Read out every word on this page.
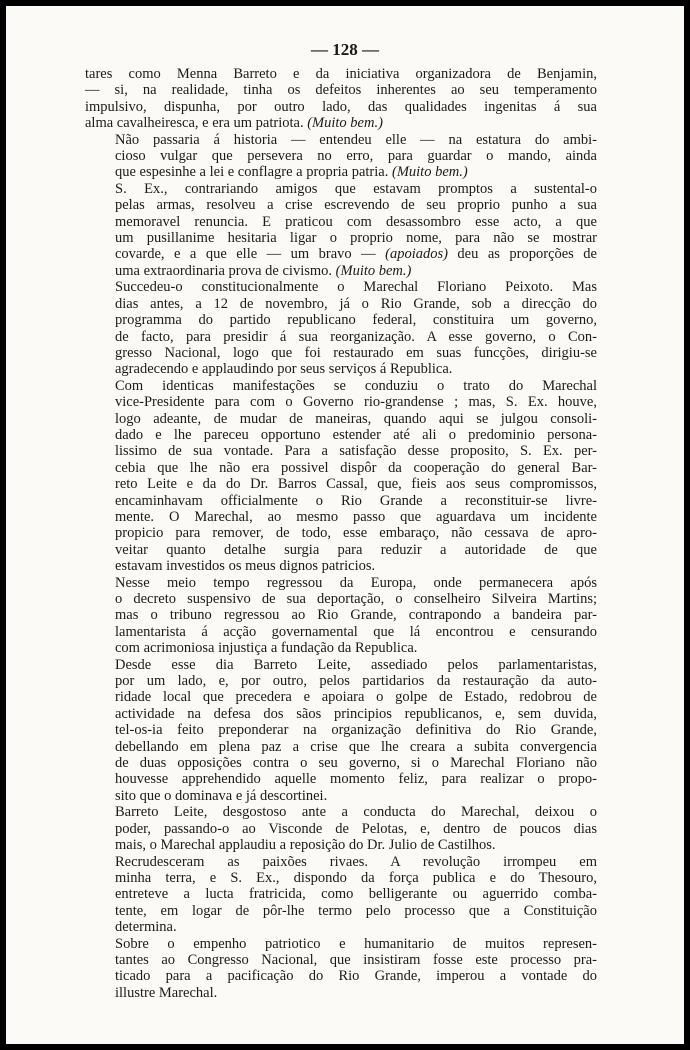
— 128 —
tares como Menna Barreto e da iniciativa organizadora de Benjamin,
— si, na realidade, tinha os defeitos inherentes ao seu temperamento
impulsivo, dispunha, por outro lado, das qualidades ingenitas á sua
alma cavalheiresca, e era um patriota. (Muito bem.)
Não passaria á historia — entendeu elle — na estatura do ambi-
cioso vulgar que persevera no erro, para guardar o mando, ainda
que espesinhe a lei e conflagre a propria patria. (Muito bem.)
S. Ex., contrariando amigos que estavam promptos a sustental-o
pelas armas, resolveu a crise escrevendo de seu proprio punho a sua
memoravel renuncia. E praticou com desassombro esse acto, a que
um pusillanime hesitaria ligar o proprio nome, para não se mostrar
covarde, e a que elle — um bravo — (apoiados) deu as proporções de
uma extraordinaria prova de civismo. (Muito bem.)
Succedeu-o constitucionalmente o Marechal Floriano Peixoto. Mas
dias antes, a 12 de novembro, já o Rio Grande, sob a direcção do
programma do partido republicano federal, constituira um governo,
de facto, para presidir á sua reorganização. A esse governo, o Con-
gresso Nacional, logo que foi restaurado em suas funcções, dirigiu-se
agradecendo e applaudindo por seus serviços á Republica.
Com identicas manifestações se conduziu o trato do Marechal
vice-Presidente para com o Governo rio-grandense ; mas, S. Ex. houve,
logo adeante, de mudar de maneiras, quando aqui se julgou consoli-
dado e lhe pareceu opportuno estender até ali o predominio persona-
lissimo de sua vontade. Para a satisfação desse proposito, S. Ex. per-
cebia que lhe não era possivel dispôr da cooperação do general Bar-
reto Leite e da do Dr. Barros Cassal, que, fieis aos seus compromissos,
encaminhavam officialmente o Rio Grande a reconstituir-se livre-
mente. O Marechal, ao mesmo passo que aguardava um incidente
propicio para remover, de todo, esse embaraço, não cessava de apro-
veitar quanto detalhe surgia para reduzir a autoridade de que
estavam investidos os meus dignos patricios.
Nesse meio tempo regressou da Europa, onde permanecera após
o decreto suspensivo de sua deportação, o conselheiro Silveira Martins;
mas o tribuno regressou ao Rio Grande, contrapondo a bandeira par-
lamentarista á acção governamental que lá encontrou e censurando
com acrimoniosa injustiça a fundação da Republica.
Desde esse dia Barreto Leite, assediado pelos parlamentaristas,
por um lado, e, por outro, pelos partidarios da restauração da auto-
ridade local que precedera e apoiara o golpe de Estado, redobrou de
actividade na defesa dos sãos principios republicanos, e, sem duvida,
tel-os-ia feito preponderar na organização definitiva do Rio Grande,
debellando em plena paz a crise que lhe creara a subita convergencia
de duas opposições contra o seu governo, si o Marechal Floriano não
houvesse apprehendido aquelle momento feliz, para realizar o propo-
sito que o dominava e já descortinei.
Barreto Leite, desgostoso ante a conducta do Marechal, deixou o
poder, passando-o ao Visconde de Pelotas, e, dentro de poucos dias
mais, o Marechal applaudiu a reposição do Dr. Julio de Castilhos.
Recrudesceram as paixões rivaes. A revolução irrompeu em
minha terra, e S. Ex., dispondo da força publica e do Thesouro,
entreteve a lucta fratricida, como belligerante ou aguerrido comba-
tente, em logar de pôr-lhe termo pelo processo que a Constituição
determina.
Sobre o empenho patriotico e humanitario de muitos represen-
tantes ao Congresso Nacional, que insistiram fosse este processo pra-
ticado para a pacificação do Rio Grande, imperou a vontade do
illustre Marechal.
